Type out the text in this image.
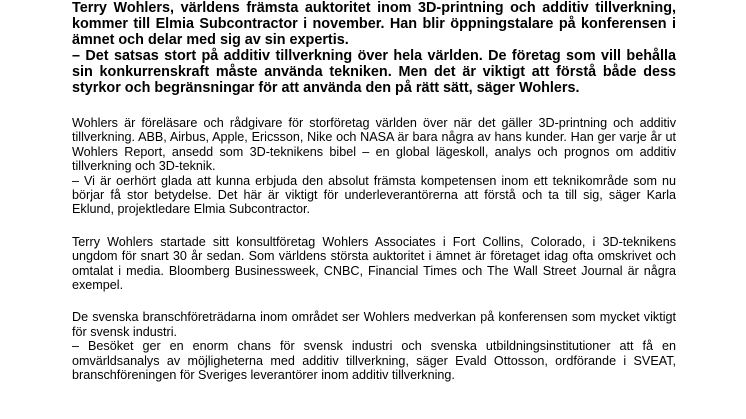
Terry Wohlers, världens främsta auktoritet inom 3D-printning och additiv tillverkning, kommer till Elmia Subcontractor i november. Han blir öppningstalare på konferensen i ämnet och delar med sig av sin expertis.

– Det satsas stort på additiv tillverkning över hela världen. De företag som vill behålla sin konkurrenskraft måste använda tekniken. Men det är viktigt att förstå både dess styrkor och begränsningar för att använda den på rätt sätt, säger Wohlers.

Wohlers är föreläsare och rådgivare för storföretag världen över när det gäller 3D-printning och additiv tillverkning. ABB, Airbus, Apple, Ericsson, Nike och NASA är bara några av hans kunder. Han ger varje år ut Wohlers Report, ansedd som 3D-teknikens bibel – en global lägeskoll, analys och prognos om additiv tillverkning och 3D-teknik.

– Vi är oerhört glada att kunna erbjuda den absolut främsta kompetensen inom ett teknikområde som nu börjar få stor betydelse. Det här är viktigt för underleverantörerna att förstå och ta till sig, säger Karla Eklund, projektledare Elmia Subcontractor.

Terry Wohlers startade sitt konsultföretag Wohlers Associates i Fort Collins, Colorado, i 3D-teknikens ungdom för snart 30 år sedan. Som världens största auktoritet i ämnet är företaget idag ofta omskrivet och omtalat i media. Bloomberg Businessweek, CNBC, Financial Times och The Wall Street Journal är några exempel.

De svenska branschföreträdarna inom området ser Wohlers medverkan på konferensen som mycket viktigt för svensk industri.

– Besöket ger en enorm chans för svensk industri och svenska utbildningsinstitutioner att få en omvärldsanalys av möjligheterna med additiv tillverkning, säger Evald Ottosson, ordförande i SVEAT, branschföreningen för Sveriges leverantörer inom additiv tillverkning.
